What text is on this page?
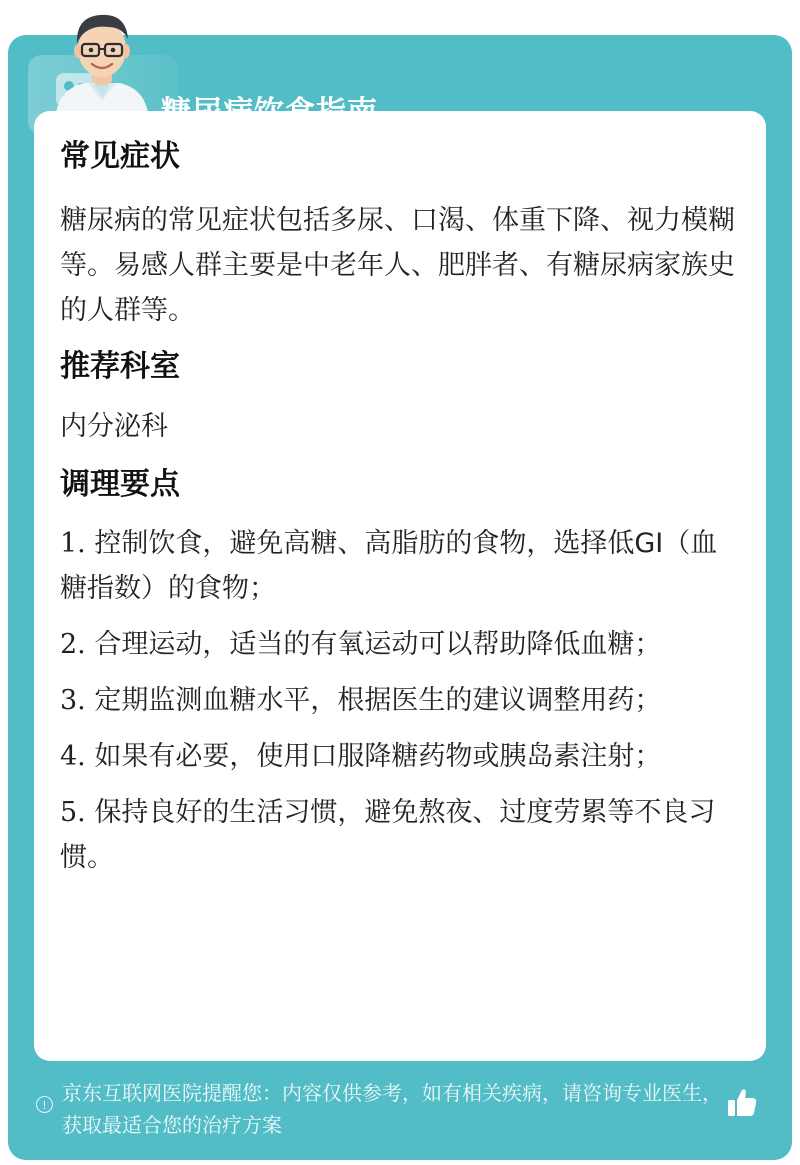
常见症状

糖尿病的常见症状包括多尿、口渴、体重下降、视力模糊等。易感人群主要是中老年人、肥胖者、有糖尿病家族史的人群等。

推荐科室

内分泌科

调理要点

1. 控制饮食，避免高糖、高脂肪的食物，选择低GI（血糖指数）的食物；

2. 合理运动，适当的有氧运动可以帮助降低血糖；

3. 定期监测血糖水平，根据医生的建议调整用药；

4. 如果有必要，使用口服降糖药物或胰岛素注射；

5. 保持良好的生活习惯，避免熬夜、过度劳累等不良习惯。

!
京东互联网医院提醒您：内容仅供参考，如有相关疾病，请咨询专业医生，获取最适合您的治疗方案
